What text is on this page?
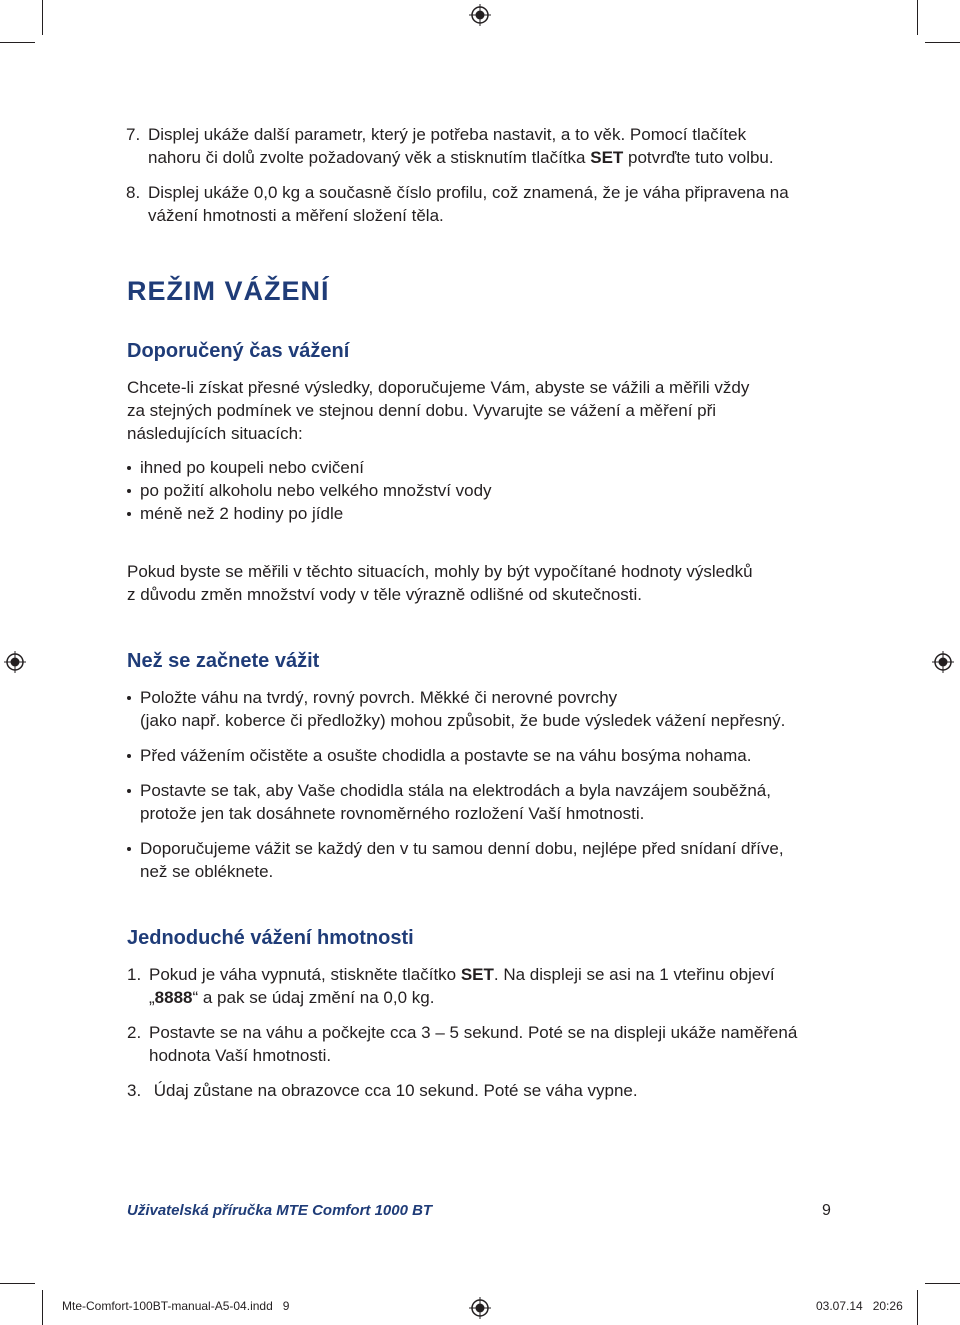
7. Displej ukáže další parametr, který je potřeba nastavit, a to věk. Pomocí tlačítek
nahoru či dolů zvolte požadovaný věk a stisknutím tlačítka SET potvrďte tuto volbu.
8. Displej ukáže 0,0 kg a současně číslo profilu, což znamená, že je váha připravena na
vážení hmotnosti a měření složení těla.
REŽIM VÁŽENÍ
Doporučený čas vážení
Chcete-li získat přesné výsledky, doporučujeme Vám, abyste se vážili a měřili vždy
za stejných podmínek ve stejnou denní dobu. Vyvarujte se vážení a měření při
následujících situacích:
ihned po koupeli nebo cvičení
po požití alkoholu nebo velkého množství vody
méně než 2 hodiny po jídle
Pokud byste se měřili v těchto situacích, mohly by být vypočítané hodnoty výsledků
z důvodu změn množství vody v těle výrazně odlišné od skutečnosti.
Než se začnete vážit
Položte váhu na tvrdý, rovný povrch. Měkké či nerovné povrchy
(jako např. koberce či předložky) mohou způsobit, že bude výsledek vážení nepřesný.
Před vážením očistěte a osušte chodidla a postavte se na váhu bosýma nohama.
Postavte se tak, aby Vaše chodidla stála na elektrodách a byla navzájem souběžná,
protože jen tak dosáhnete rovnoměrného rozložení Vaší hmotnosti.
Doporučujeme vážit se každý den v tu samou denní dobu, nejlépe před snídaní dříve,
než se obléknete.
Jednoduché vážení hmotnosti
1. Pokud je váha vypnutá, stiskněte tlačítko SET. Na displeji se asi na 1 vteřinu objeví
„8888“ a pak se údaj změní na 0,0 kg.
2. Postavte se na váhu a počkejte cca 3 – 5 sekund. Poté se na displeji ukáže naměřená
hodnota Vaší hmotnosti.
3. Údaj zůstane na obrazovce cca 10 sekund. Poté se váha vypne.
Uživatelská příručka MTE Comfort 1000 BT	9
Mte-Comfort-100BT-manual-A5-04.indd   9	03.07.14   20:26
